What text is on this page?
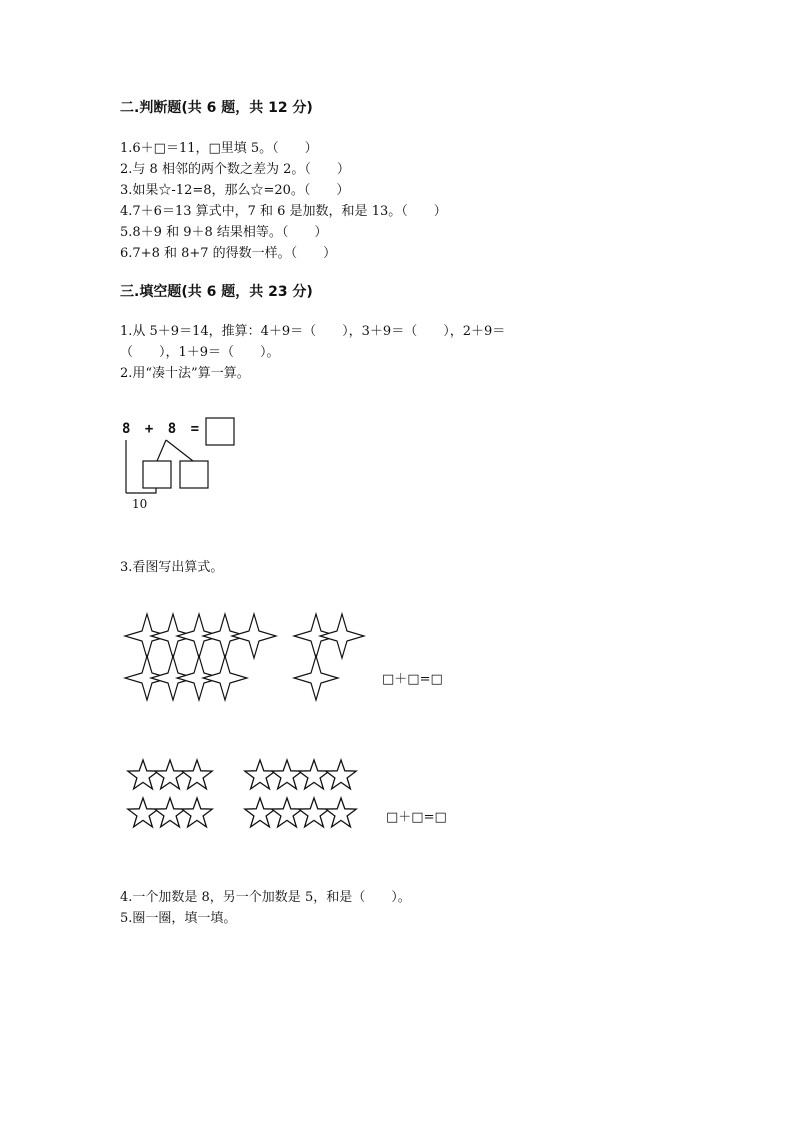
二.判断题(共 6 题，共 12 分)
1.6＋□＝11，□里填 5。（　　）
2.与 8 相邻的两个数之差为 2。（　　）
3.如果☆-12=8，那么☆=20。（　　）
4.7＋6＝13 算式中，7 和 6 是加数，和是 13。（　　）
5.8＋9 和 9＋8 结果相等。（　　）
6.7+8 和 8+7 的得数一样。（　　）
三.填空题(共 6 题，共 23 分)
1.从 5＋9＝14，推算：4＋9＝（　　），3＋9＝（　　），2＋9＝
（　　），1＋9＝（　　）。
2.用“凑十法”算一算。
8 + 8 =
10
3.看图写出算式。
□＋□=□
□＋□=□
4.一个加数是 8，另一个加数是 5，和是（　　）。
5.圈一圈，填一填。
